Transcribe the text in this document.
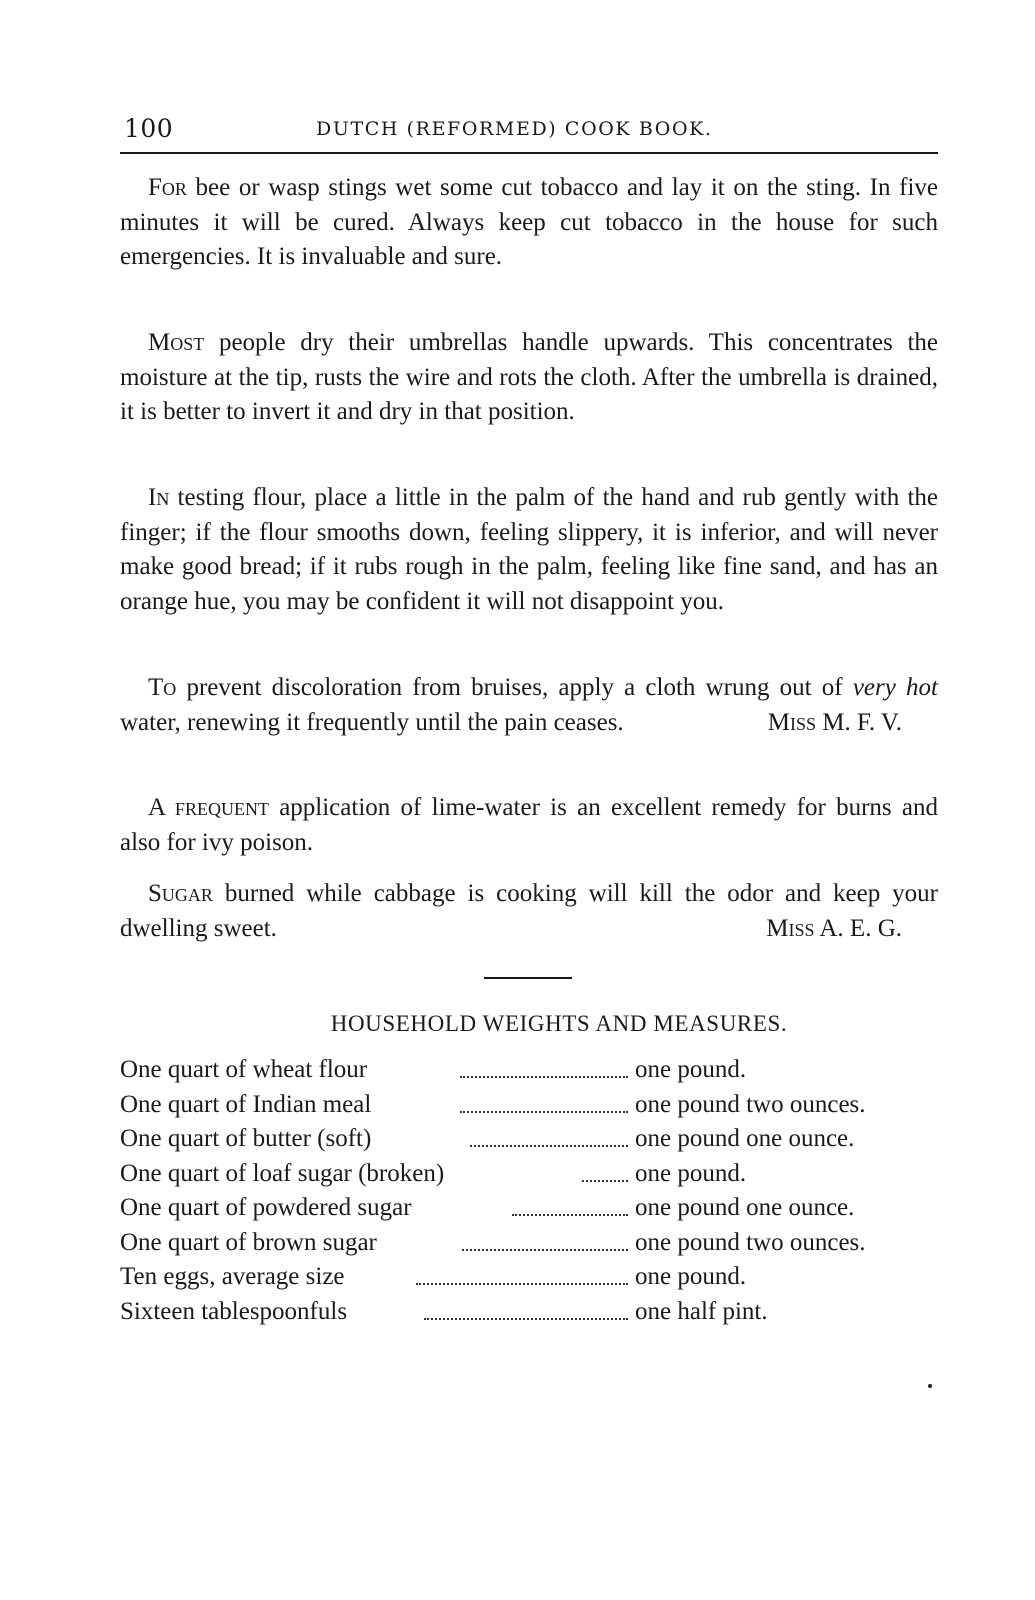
100	DUTCH (REFORMED) COOK BOOK.

For bee or wasp stings wet some cut tobacco and lay it on the sting. In five minutes it will be cured. Always keep cut tobacco in the house for such emergencies. It is invaluable and sure.

Most people dry their umbrellas handle upwards. This concentrates the moisture at the tip, rusts the wire and rots the cloth. After the umbrella is drained, it is better to invert it and dry in that position.

In testing flour, place a little in the palm of the hand and rub gently with the finger; if the flour smooths down, feeling slippery, it is inferior, and will never make good bread; if it rubs rough in the palm, feeling like fine sand, and has an orange hue, you may be confident it will not disappoint you.

To prevent discoloration from bruises, apply a cloth wrung out of very hot water, renewing it frequently until the pain ceases.	Miss M. F. V.

A frequent application of lime-water is an excellent remedy for burns and also for ivy poison.

Sugar burned while cabbage is cooking will kill the odor and keep your dwelling sweet.	Miss A. E. G.

HOUSEHOLD WEIGHTS AND MEASURES.
One quart of wheat flour	one pound.
One quart of Indian meal	one pound two ounces.
One quart of butter (soft)	one pound one ounce.
One quart of loaf sugar (broken)	one pound.
One quart of powdered sugar	one pound one ounce.
One quart of brown sugar	one pound two ounces.
Ten eggs, average size	one pound.
Sixteen tablespoonfuls	one half pint.
